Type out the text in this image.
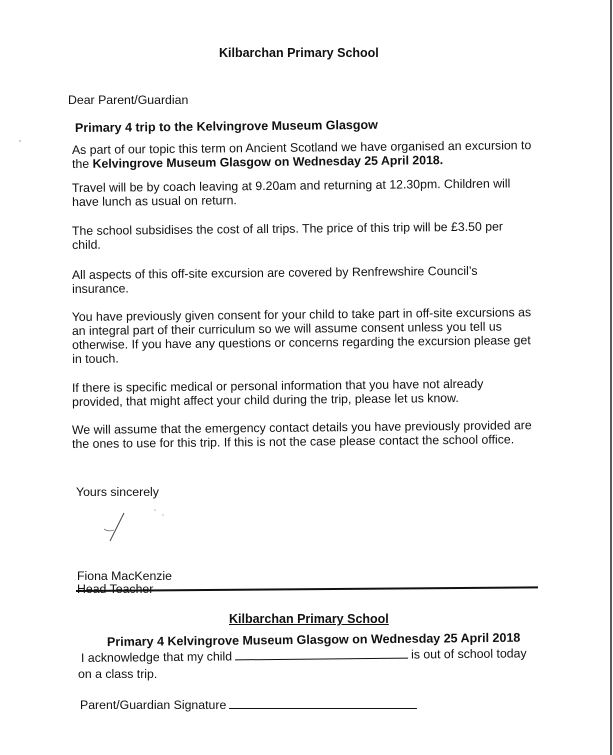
Kilbarchan Primary School
Dear Parent/Guardian
Primary 4 trip to the Kelvingrove Museum Glasgow
As part of our topic this term on Ancient Scotland we have organised an excursion to
the Kelvingrove Museum Glasgow on Wednesday 25 April 2018.
Travel will be by coach leaving at 9.20am and returning at 12.30pm. Children will
have lunch as usual on return.
The school subsidises the cost of all trips. The price of this trip will be £3.50 per
child.
All aspects of this off-site excursion are covered by Renfrewshire Council’s
insurance.
You have previously given consent for your child to take part in off-site excursions as
an integral part of their curriculum so we will assume consent unless you tell us
otherwise. If you have any questions or concerns regarding the excursion please get
in touch.
If there is specific medical or personal information that you have not already
provided, that might affect your child during the trip, please let us know.
We will assume that the emergency contact details you have previously provided are
the ones to use for this trip. If this is not the case please contact the school office.
Yours sincerely
Fiona MacKenzie
Kilbarchan Primary School
Primary 4 Kelvingrove Museum Glasgow on Wednesday 25 April 2018
I acknowledge that my child	is out of school today
on a class trip.
Parent/Guardian Signature
